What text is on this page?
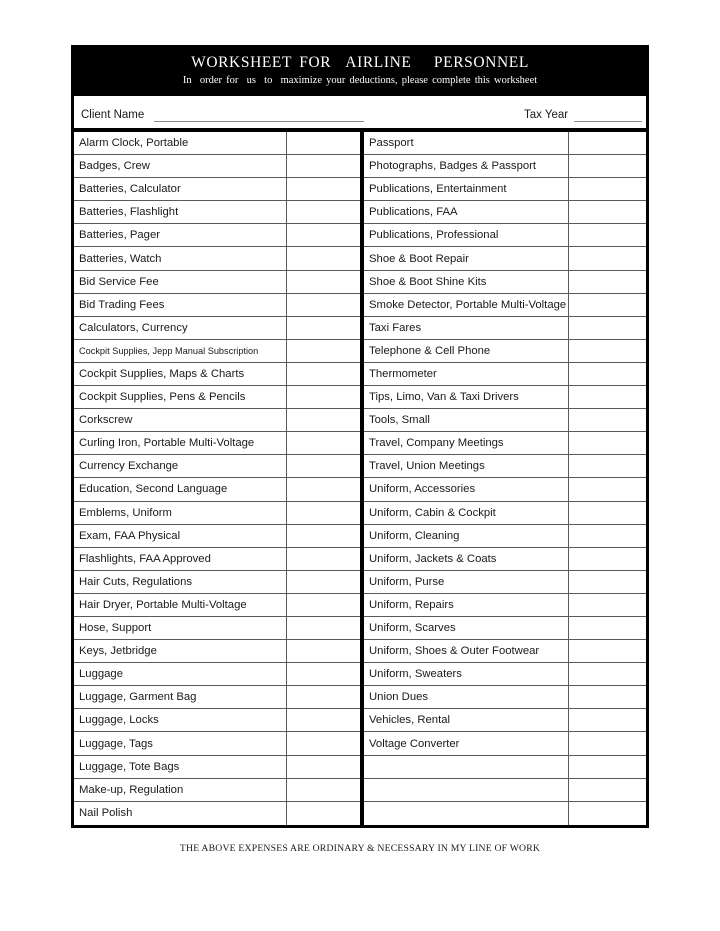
WORKSHEET FOR  AIRLINE   PERSONNEL
In  order for  us  to  maximize your deductions, please complete this worksheet
Client Name	Tax Year
Alarm Clock, Portable
Badges, Crew
Batteries, Calculator
Batteries, Flashlight
Batteries, Pager
Batteries, Watch
Bid Service Fee
Bid Trading Fees
Calculators, Currency
Cockpit Supplies, Jepp Manual Subscription
Cockpit Supplies, Maps & Charts
Cockpit Supplies, Pens & Pencils
Corkscrew
Curling Iron, Portable Multi-Voltage
Currency Exchange
Education, Second Language
Emblems, Uniform
Exam, FAA Physical
Flashlights, FAA Approved
Hair Cuts, Regulations
Hair Dryer, Portable Multi-Voltage
Hose, Support
Keys, Jetbridge
Luggage
Luggage, Garment Bag
Luggage, Locks
Luggage, Tags
Luggage, Tote Bags
Make-up, Regulation
Nail Polish
Passport
Photographs, Badges & Passport
Publications, Entertainment
Publications, FAA
Publications, Professional
Shoe & Boot Repair
Shoe & Boot Shine Kits
Smoke Detector, Portable Multi-Voltage
Taxi Fares
Telephone & Cell Phone
Thermometer
Tips, Limo, Van & Taxi Drivers
Tools, Small
Travel, Company Meetings
Travel, Union Meetings
Uniform, Accessories
Uniform, Cabin & Cockpit
Uniform, Cleaning
Uniform, Jackets & Coats
Uniform, Purse
Uniform, Repairs
Uniform, Scarves
Uniform, Shoes & Outer Footwear
Uniform, Sweaters
Union Dues
Vehicles, Rental
Voltage Converter
THE ABOVE EXPENSES ARE ORDINARY & NECESSARY IN MY LINE OF WORK
